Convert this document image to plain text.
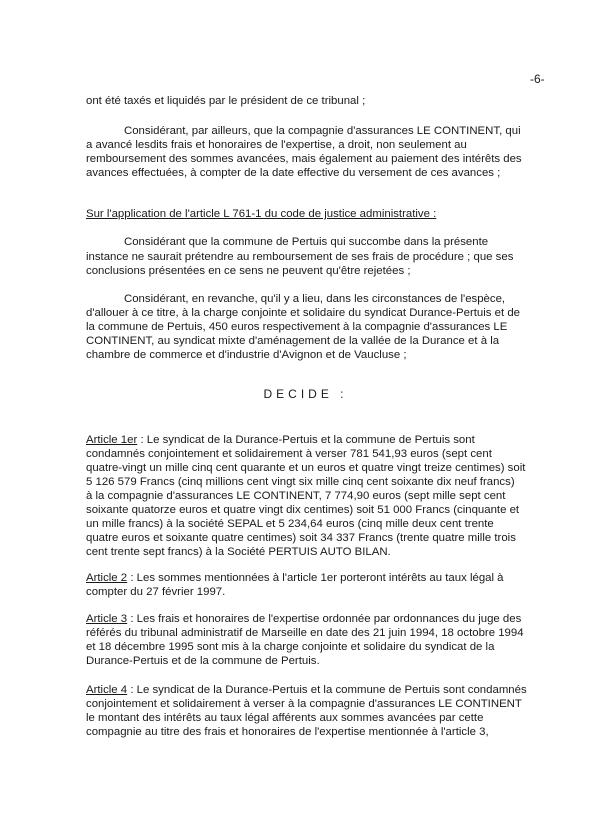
-6-
ont été taxés et liquidés par le président de ce tribunal ;
Considérant, par ailleurs, que la compagnie d'assurances LE CONTINENT, qui
a avancé lesdits frais et honoraires de l'expertise, a droit, non seulement au
remboursement des sommes avancées, mais également au paiement des intérêts des
avances effectuées, à compter de la date effective du versement de ces avances ;
Sur l'application de l'article L 761-1 du code de justice administrative :
Considérant que la commune de Pertuis qui succombe dans la présente
instance ne saurait prétendre au remboursement de ses frais de procédure ; que ses
conclusions présentées en ce sens ne peuvent qu'être rejetées ;
Considérant, en revanche, qu'il y a lieu, dans les circonstances de l'espèce,
d'allouer à ce titre, à la charge conjointe et solidaire du syndicat Durance-Pertuis et de
la commune de Pertuis, 450 euros respectivement à la compagnie d'assurances LE
CONTINENT, au syndicat mixte d'aménagement de la vallée de la Durance et à la
chambre de commerce et d'industrie d'Avignon et de Vaucluse ;
DECIDE :
Article 1er : Le syndicat de la Durance-Pertuis et la commune de Pertuis sont
condamnés conjointement et solidairement à verser 781 541,93 euros (sept cent
quatre-vingt un mille cinq cent quarante et un euros et quatre vingt treize centimes) soit
5 126 579 Francs (cinq millions cent vingt six mille cinq cent soixante dix neuf francs)
à la compagnie d'assurances LE CONTINENT, 7 774,90 euros (sept mille sept cent
soixante quatorze euros et quatre vingt dix centimes) soit 51 000 Francs (cinquante et
un mille francs) à la société SEPAL et 5 234,64 euros (cinq mille deux cent trente
quatre euros et soixante quatre centimes) soit 34 337 Francs (trente quatre mille trois
cent trente sept francs) à la Société PERTUIS AUTO BILAN.
Article 2 : Les sommes mentionnées à l'article 1er porteront intérêts au taux légal à
compter du 27 février 1997.
Article 3 : Les frais et honoraires de l'expertise ordonnée par ordonnances du juge des
référés du tribunal administratif de Marseille en date des 21 juin 1994, 18 octobre 1994
et 18 décembre 1995 sont mis à la charge conjointe et solidaire du syndicat de la
Durance-Pertuis et de la commune de Pertuis.
Article 4 : Le syndicat de la Durance-Pertuis et la commune de Pertuis sont condamnés
conjointement et solidairement à verser à la compagnie d'assurances LE CONTINENT
le montant des intérêts au taux légal afférents aux sommes avancées par cette
compagnie au titre des frais et honoraires de l'expertise mentionnée à l'article 3,
